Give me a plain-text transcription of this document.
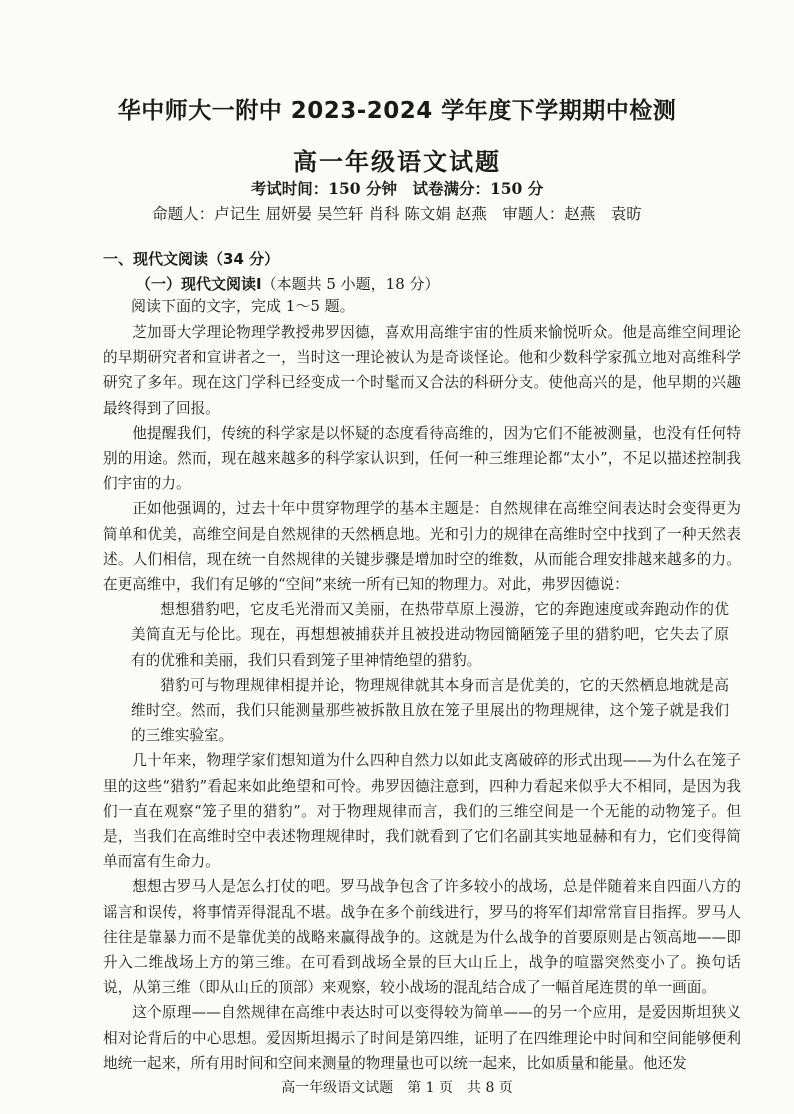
华中师大一附中 2023-2024 学年度下学期期中检测
高一年级语文试题
考试时间：150 分钟　试卷满分：150 分
命题人：卢记生 屈妍晏 吴竺轩 肖科 陈文娟 赵燕　审题人：赵燕　袁昉
一、现代文阅读（34 分）
（一）现代文阅读Ⅰ（本题共 5 小题，18 分）
阅读下面的文字，完成 1～5 题。

芝加哥大学理论物理学教授弗罗因德，喜欢用高维宇宙的性质来愉悦听众。他是高维空间理论的早期研究者和宣讲者之一，当时这一理论被认为是奇谈怪论。他和少数科学家孤立地对高维科学研究了多年。现在这门学科已经变成一个时髦而又合法的科研分支。使他高兴的是，他早期的兴趣最终得到了回报。

他提醒我们，传统的科学家是以怀疑的态度看待高维的，因为它们不能被测量，也没有任何特别的用途。然而，现在越来越多的科学家认识到，任何一种三维理论都“太小”，不足以描述控制我们宇宙的力。

正如他强调的，过去十年中贯穿物理学的基本主题是：自然规律在高维空间表达时会变得更为简单和优美，高维空间是自然规律的天然栖息地。光和引力的规律在高维时空中找到了一种天然表述。人们相信，现在统一自然规律的关键步骤是增加时空的维数，从而能合理安排越来越多的力。在更高维中，我们有足够的“空间”来统一所有已知的物理力。对此，弗罗因德说：

想想猎豹吧，它皮毛光滑而又美丽，在热带草原上漫游，它的奔跑速度或奔跑动作的优美简直无与伦比。现在，再想想被捕获并且被投进动物园簡陋笼子里的猎豹吧，它失去了原有的优雅和美丽，我们只看到笼子里神情绝望的猎豹。

猎豹可与物理规律相提并论，物理规律就其本身而言是优美的，它的天然栖息地就是高维时空。然而，我们只能测量那些被拆散且放在笼子里展出的物理规律，这个笼子就是我们的三维实验室。

几十年来，物理学家们想知道为什么四种自然力以如此支离破碎的形式出现——为什么在笼子里的这些“猎豹”看起来如此绝望和可怜。弗罗因德注意到，四种力看起来似乎大不相同，是因为我们一直在观察“笼子里的猎豹”。对于物理规律而言，我们的三维空间是一个无能的动物笼子。但是，当我们在高维时空中表述物理规律时，我们就看到了它们名副其实地显赫和有力，它们变得简单而富有生命力。

想想古罗马人是怎么打仗的吧。罗马战争包含了许多较小的战场，总是伴随着来自四面八方的谣言和误传，将事情弄得混乱不堪。战争在多个前线进行，罗马的将军们却常常盲目指挥。罗马人往往是靠暴力而不是靠优美的战略来赢得战争的。这就是为什么战争的首要原则是占领高地——即升入二维战场上方的第三维。在可看到战场全景的巨大山丘上，战争的喧嚣突然变小了。换句话说，从第三维（即从山丘的顶部）来观察，较小战场的混乱结合成了一幅首尾连贯的单一画面。

这个原理——自然规律在高维中表达时可以变得较为简单——的另一个应用，是爱因斯坦狭义相对论背后的中心思想。爱因斯坦揭示了时间是第四维，证明了在四维理论中时间和空间能够便利地统一起来，所有用时间和空间来测量的物理量也可以统一起来，比如质量和能量。他还发

高一年级语文试题　第 1 页　共 8 页
